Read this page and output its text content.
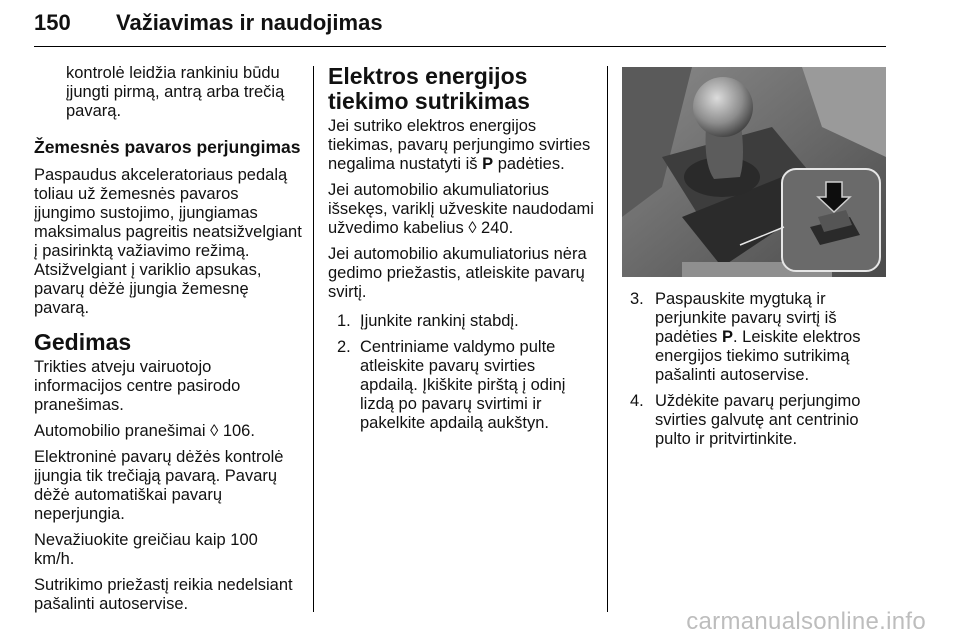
150 Važiavimas ir naudojimas

kontrolė leidžia rankiniu būdu įjungti pirmą, antrą arba trečią pavarą.

Žemesnės pavaros perjungimas

Paspaudus akceleratoriaus pedalą toliau už žemesnės pavaros įjungimo sustojimo, įjungiamas maksimalus pagreitis neatsižvelgiant į pasirinktą važiavimo režimą. Atsižvelgiant į variklio apsukas, pavarų dėžė įjungia žemesnę pavarą.

Gedimas

Trikties atveju vairuotojo informacijos centre pasirodo pranešimas.

Automobilio pranešimai ◊ 106.

Elektroninė pavarų dėžės kontrolė įjungia tik trečiąją pavarą. Pavarų dėžė automatiškai pavarų neperjungia.

Nevažiuokite greičiau kaip 100 km/h.

Sutrikimo priežastį reikia nedelsiant pašalinti autoservise.

Elektros energijos tiekimo sutrikimas

Jei sutriko elektros energijos tiekimas, pavarų perjungimo svirties negalima nustatyti iš P padėties.

Jei automobilio akumuliatorius išsekęs, variklį užveskite naudodami užvedimo kabelius ◊ 240.

Jei automobilio akumuliatorius nėra gedimo priežastis, atleiskite pavarų svirtį.

1. Įjunkite rankinį stabdį.
2. Centriniame valdymo pulte atleiskite pavarų svirties apdailą. Įkiškite pirštą į odinį lizdą po pavarų svirtimi ir pakelkite apdailą aukštyn.
3. Paspauskite mygtuką ir perjunkite pavarų svirtį iš padėties P. Leiskite elektros energijos tiekimo sutrikimą pašalinti autoservise.
4. Uždėkite pavarų perjungimo svirties galvutę ant centrinio pulto ir pritvirtinkite.
carmanualsonline.info
